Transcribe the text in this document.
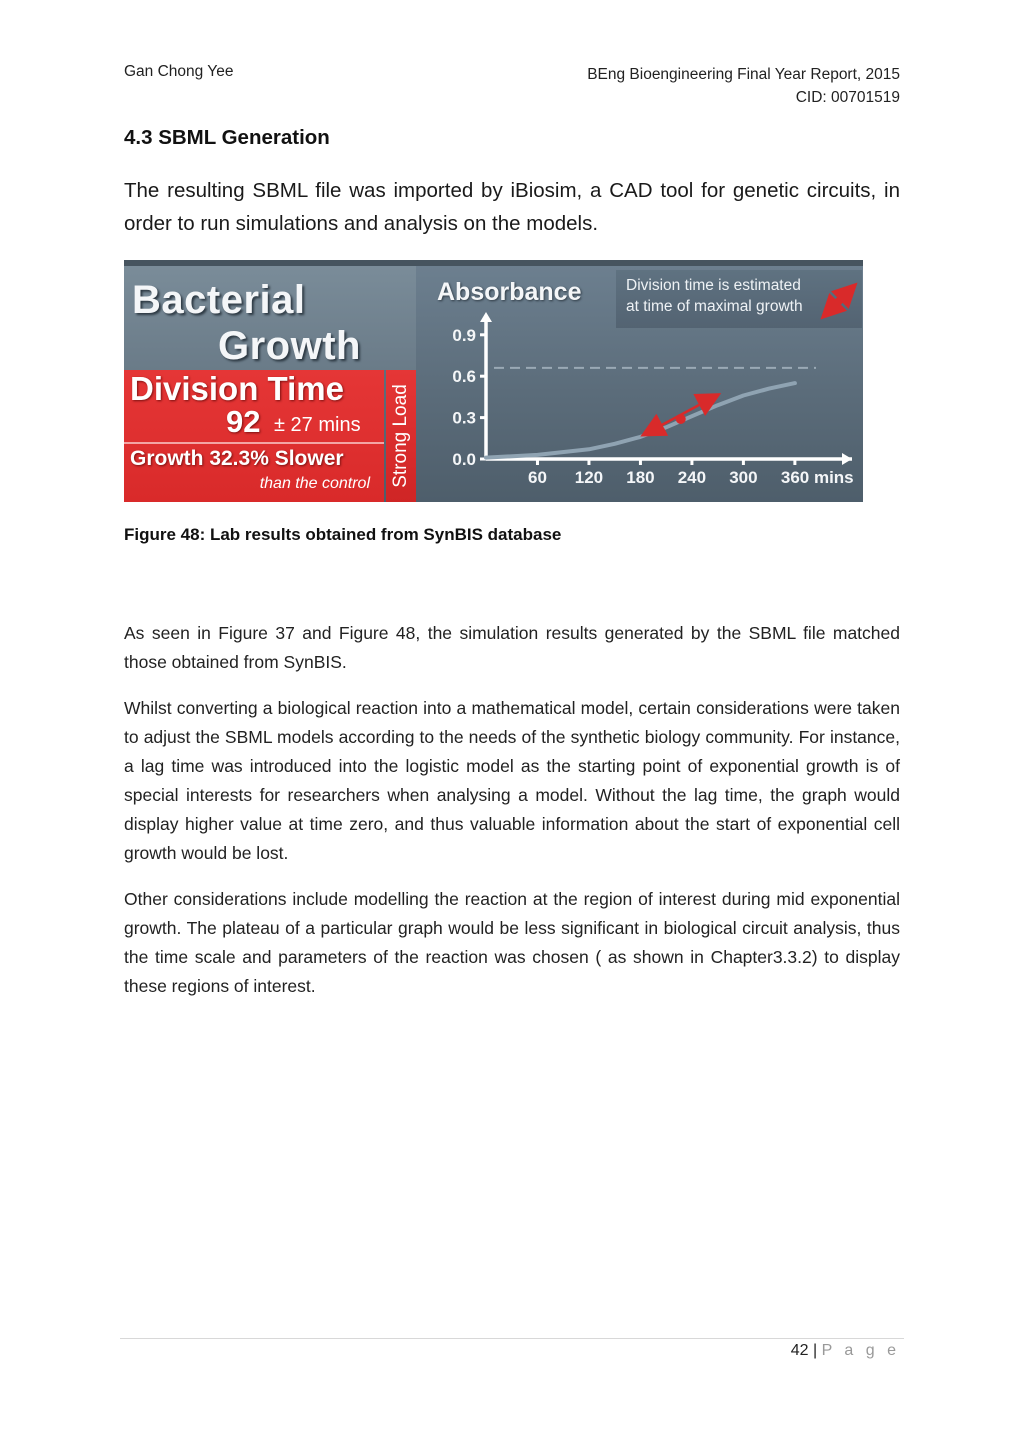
Gan Chong Yee	BEng Bioengineering Final Year Report, 2015
CID: 00701519
4.3 SBML Generation

The resulting SBML file was imported by iBiosim, a CAD tool for genetic circuits, in order to run simulations and analysis on the models.

Bacterial
Growth
Division Time
92 ± 27 mins
Growth 32.3% Slower
than the control Strong Load
Absorbance	Division time is estimated
at time of maximal growth
0.9
0.6
0.3
0.0
60 120 180 240 300 360 mins

Figure 48: Lab results obtained from SynBIS database

As seen in Figure 37 and Figure 48, the simulation results generated by the SBML file matched those obtained from SynBIS.

Whilst converting a biological reaction into a mathematical model, certain considerations were taken to adjust the SBML models according to the needs of the synthetic biology community. For instance, a lag time was introduced into the logistic model as the starting point of exponential growth is of special interests for researchers when analysing a model. Without the lag time, the graph would display higher value at time zero, and thus valuable information about the start of exponential cell growth would be lost.

Other considerations include modelling the reaction at the region of interest during mid exponential growth. The plateau of a particular graph would be less significant in biological circuit analysis, thus the time scale and parameters of the reaction was chosen ( as shown in Chapter3.3.2) to display these regions of interest.

42 | P a g e
